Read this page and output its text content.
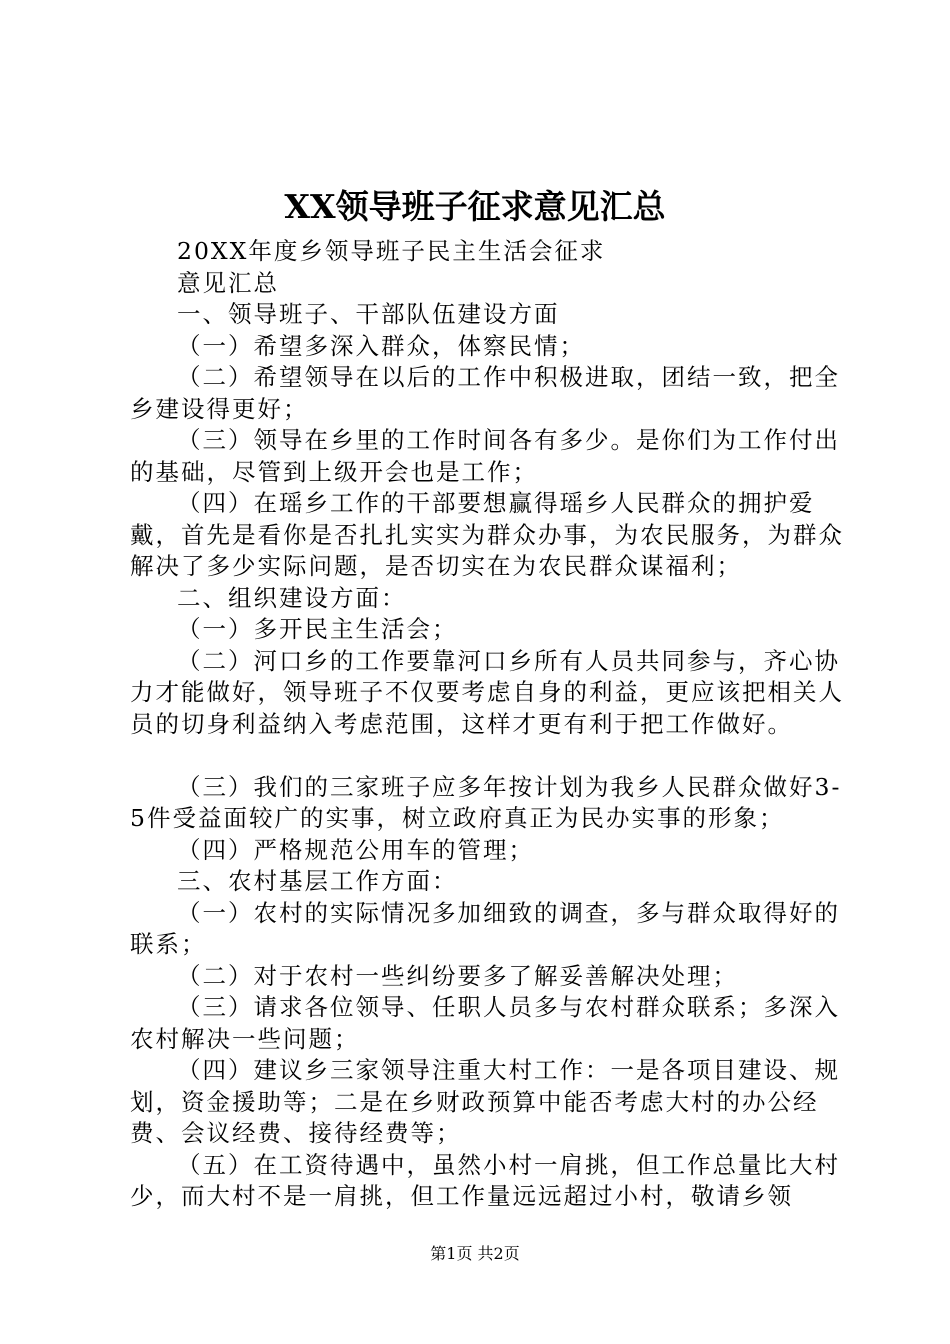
XX领导班子征求意见汇总

20XX年度乡领导班子民主生活会征求

意见汇总

一、领导班子、干部队伍建设方面

（一）希望多深入群众，体察民情；

（二）希望领导在以后的工作中积极进取，团结一致，把全乡建设得更好；

（三）领导在乡里的工作时间各有多少。是你们为工作付出的基础，尽管到上级开会也是工作；

（四）在瑶乡工作的干部要想赢得瑶乡人民群众的拥护爱戴，首先是看你是否扎扎实实为群众办事，为农民服务，为群众解决了多少实际问题，是否切实在为农民群众谋福利；

二、组织建设方面：

（一）多开民主生活会；

（二）河口乡的工作要靠河口乡所有人员共同参与，齐心协力才能做好，领导班子不仅要考虑自身的利益，更应该把相关人员的切身利益纳入考虑范围，这样才更有利于把工作做好。

（三）我们的三家班子应多年按计划为我乡人民群众做好3-5件受益面较广的实事，树立政府真正为民办实事的形象；

（四）严格规范公用车的管理；

三、农村基层工作方面：

（一）农村的实际情况多加细致的调查，多与群众取得好的联系；

（二）对于农村一些纠纷要多了解妥善解决处理；

（三）请求各位领导、任职人员多与农村群众联系；多深入农村解决一些问题；

（四）建议乡三家领导注重大村工作：一是各项目建设、规划，资金援助等；二是在乡财政预算中能否考虑大村的办公经费、会议经费、接待经费等；

（五）在工资待遇中，虽然小村一肩挑，但工作总量比大村少，而大村不是一肩挑，但工作量远远超过小村，敬请乡领

第1页 共2页
